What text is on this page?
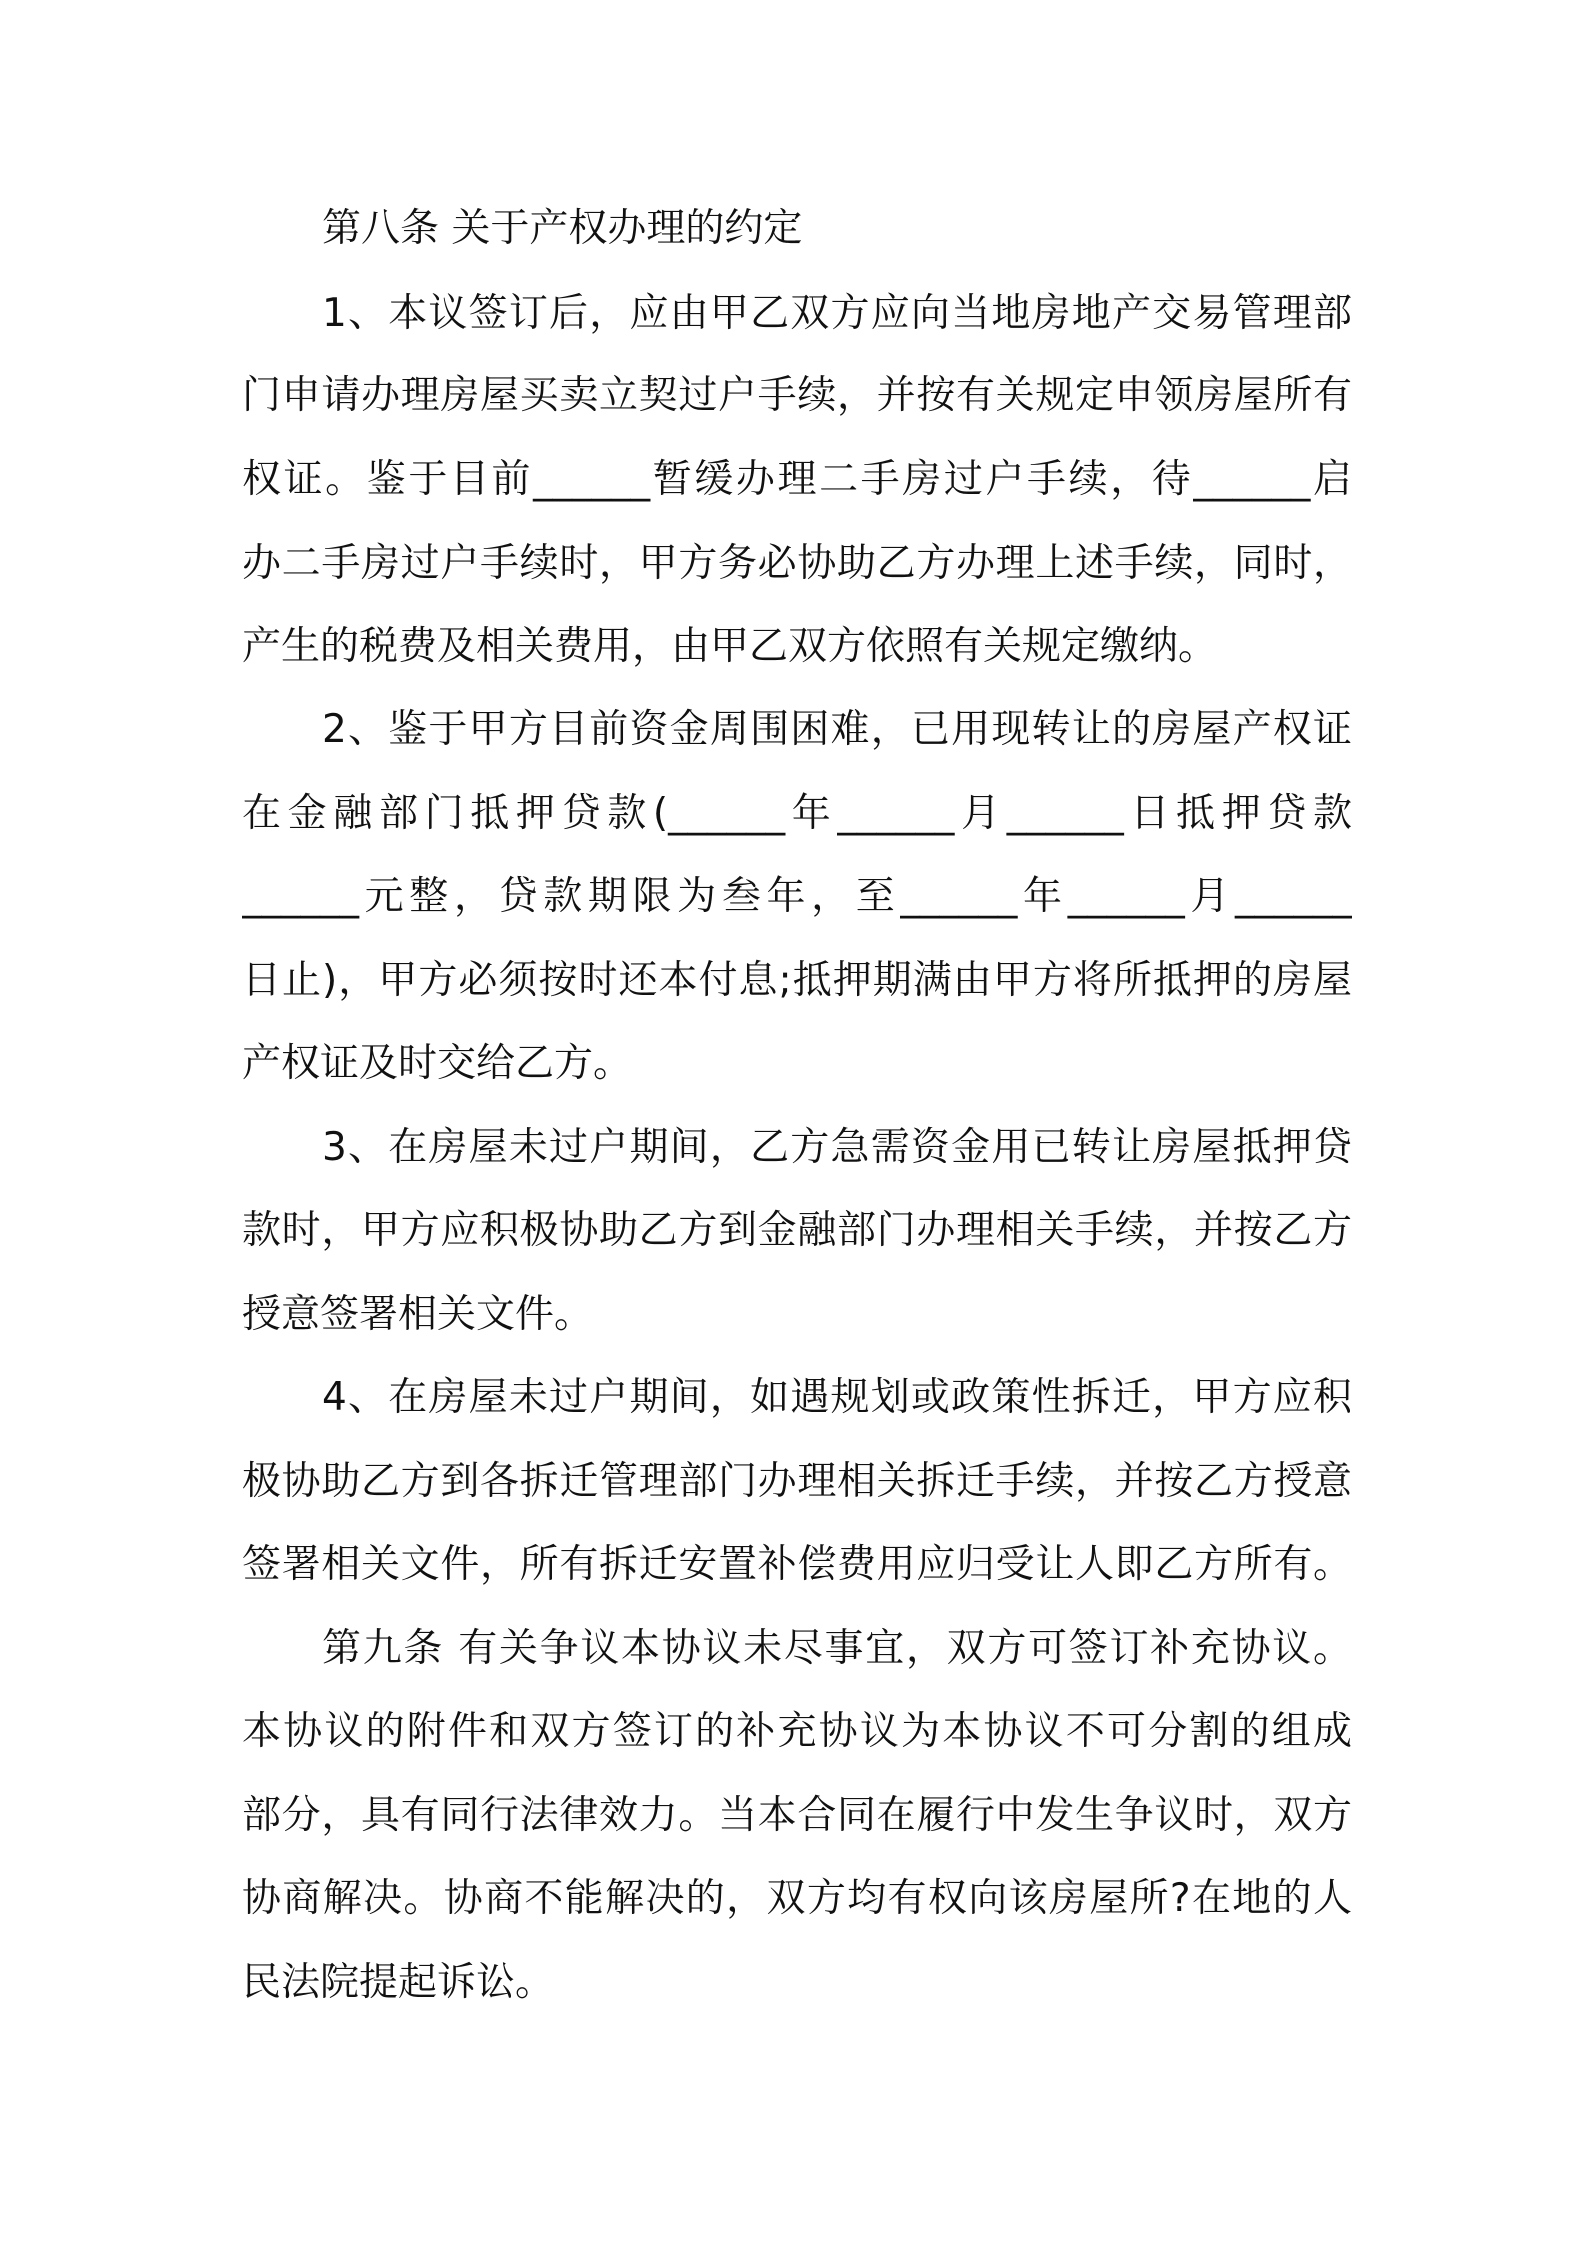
第八条 关于产权办理的约定
1、本议签订后，应由甲乙双方应向当地房地产交易管理部
门申请办理房屋买卖立契过户手续，并按有关规定申领房屋所有
权证。鉴于目前______暂缓办理二手房过户手续，待______启
办二手房过户手续时，甲方务必协助乙方办理上述手续，同时，
产生的税费及相关费用，由甲乙双方依照有关规定缴纳。
2、鉴于甲方目前资金周围困难，已用现转让的房屋产权证
在金融部门抵押贷款(______年______月______日抵押贷款
______元整，贷款期限为叁年，至______年______月______
日止)，甲方必须按时还本付息;抵押期满由甲方将所抵押的房屋
产权证及时交给乙方。
3、在房屋未过户期间，乙方急需资金用已转让房屋抵押贷
款时，甲方应积极协助乙方到金融部门办理相关手续，并按乙方
授意签署相关文件。
4、在房屋未过户期间，如遇规划或政策性拆迁，甲方应积
极协助乙方到各拆迁管理部门办理相关拆迁手续，并按乙方授意
签署相关文件，所有拆迁安置补偿费用应归受让人即乙方所有。
第九条 有关争议本协议未尽事宜，双方可签订补充协议。
本协议的附件和双方签订的补充协议为本协议不可分割的组成
部分，具有同行法律效力。当本合同在履行中发生争议时，双方
协商解决。协商不能解决的，双方均有权向该房屋所?在地的人
民法院提起诉讼。
